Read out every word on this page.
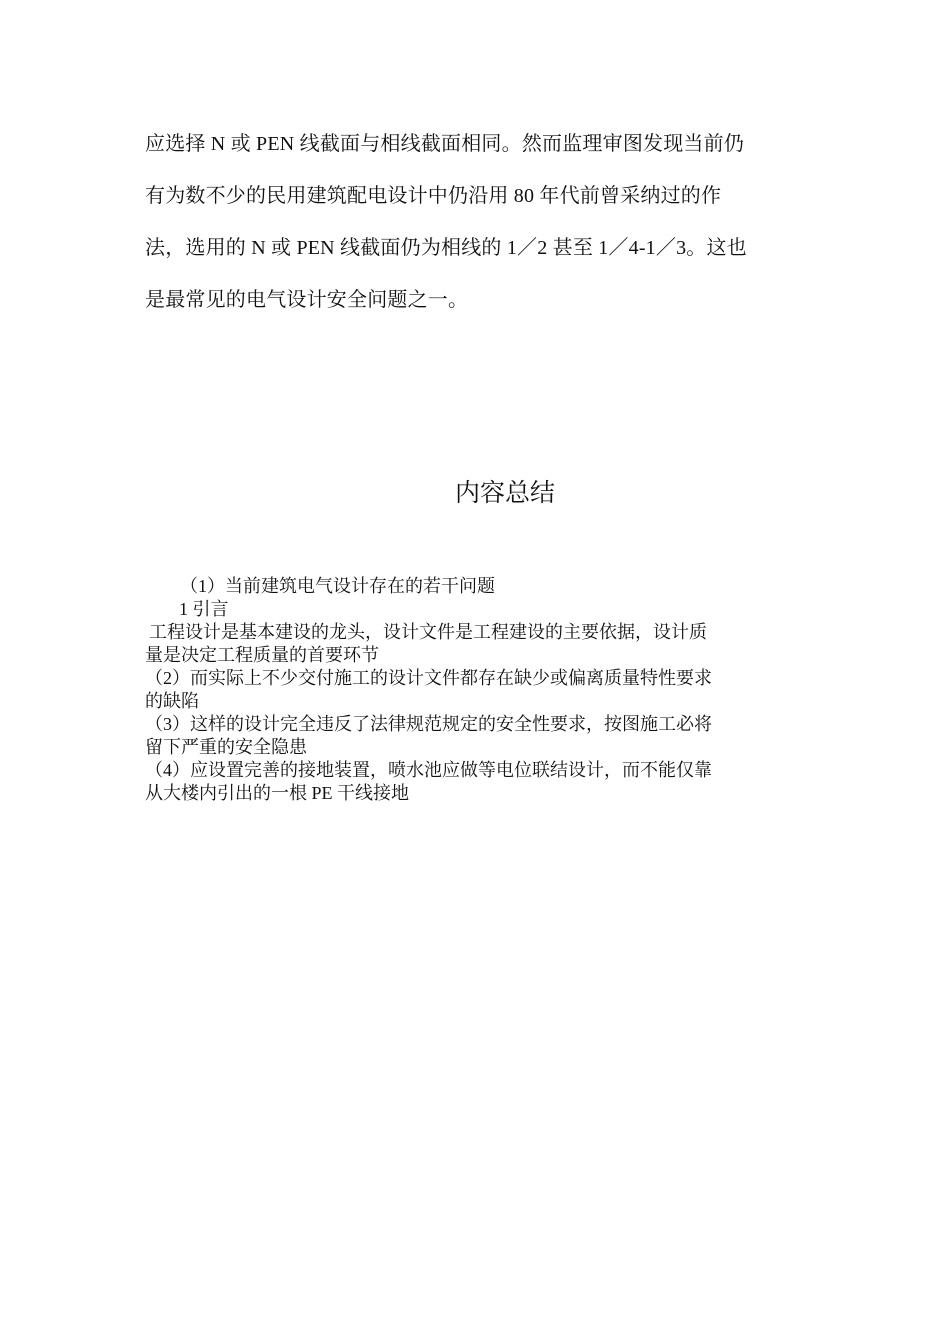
应选择 N 或 PEN 线截面与相线截面相同。然而监理审图发现当前仍
有为数不少的民用建筑配电设计中仍沿用 80 年代前曾采纳过的作
法，选用的 N 或 PEN 线截面仍为相线的 1／2 甚至 1／4-1／3。这也
是最常见的电气设计安全问题之一。

内容总结
（1）当前建筑电气设计存在的若干问题
1 引言
工程设计是基本建设的龙头，设计文件是工程建设的主要依据，设计质
量是决定工程质量的首要环节
（2）而实际上不少交付施工的设计文件都存在缺少或偏离质量特性要求
的缺陷
（3）这样的设计完全违反了法律规范规定的安全性要求，按图施工必将
留下严重的安全隐患
（4）应设置完善的接地装置，喷水池应做等电位联结设计，而不能仅靠
从大楼内引出的一根 PE 干线接地
